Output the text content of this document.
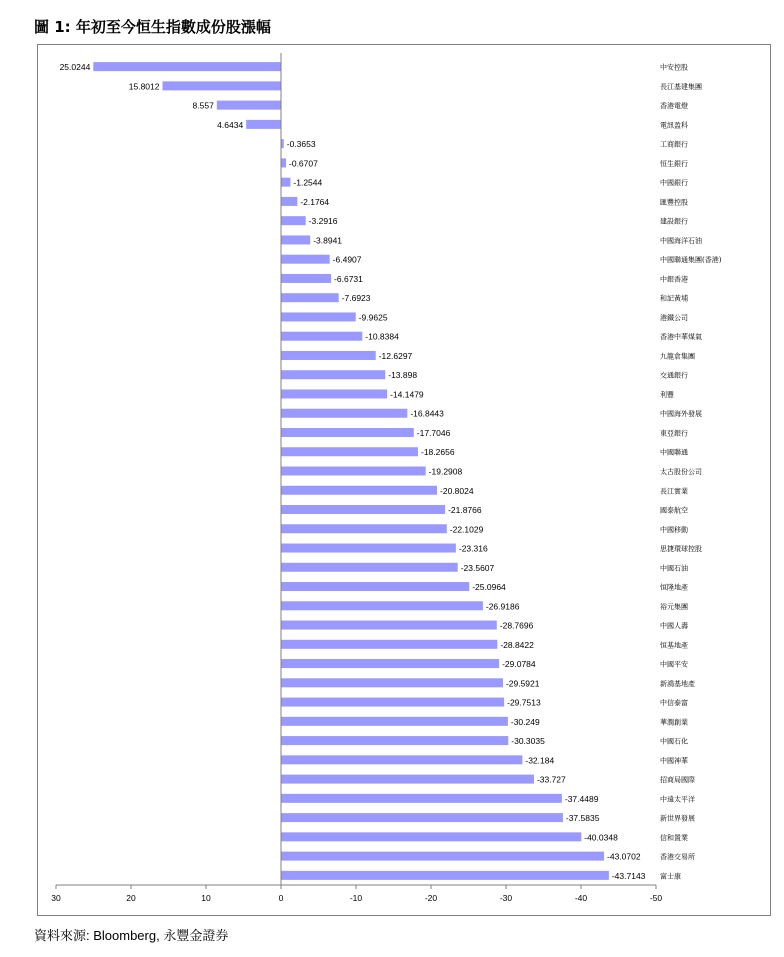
圖 1: 年初至今恒生指數成份股漲幅
25.0244	中安控股
15.8012	長江基建集團
8.557	香港電燈
4.6434	電訊盈科
-0.3653	工商銀行
-0.6707	恒生銀行
-1.2544	中國銀行
-2.1764	匯豐控股
-3.2916	建設銀行
-3.8941	中國海洋石油
-6.4907	中國聯通集團(香港)
-6.6731	中銀香港
-7.6923	和記黃埔
-9.9625	港鐵公司
-10.8384	香港中華煤氣
-12.6297	九龍倉集團
-13.898	交通銀行
-14.1479	利豐
-16.8443	中國海外發展
-17.7046	東亞銀行
-18.2656	中國聯通
-19.2908	太古股份公司
-20.8024	長江實業
-21.8766	國泰航空
-22.1029	中國移動
-23.316	思捷環球控股
-23.5607	中國石油
-25.0964	恒隆地產
-26.9186	裕元集團
-28.7696	中國人壽
-28.8422	恒基地產
-29.0784	中國平安
-29.5921	新鴻基地產
-29.7513	中信泰富
-30.249	華潤創業
-30.3035	中國石化
-32.184	中國神華
-33.727	招商局國際
-37.4489	中遠太平洋
-37.5835	新世界發展
-40.0348	信和置業
-43.0702	香港交易所
-43.7143 富士康
30	20	10	0	-10	-20	-30	-40	-50
資料來源: Bloomberg, 永豐金證券
